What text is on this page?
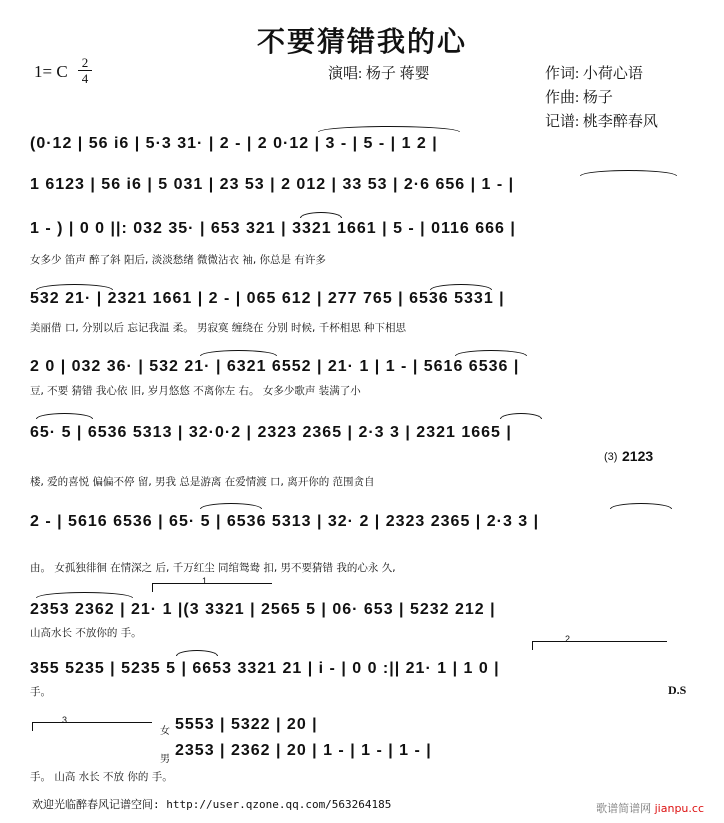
不要猜错我的心
1= C 2
4	演唱: 杨子 蒋婴	作词: 小荷心语
作曲: 杨子
记谱: 桃李醉春风
(0·12 | 56 i6 | 5·3 31· | 2 - | 2 0·12 | 3 - | 5 - | 1 2 |
1 6123 | 56 i6 | 5 031 | 23 53 | 2 012 | 33 53 | 2·6 656 | 1 - |
1 - ) | 0 0 ||: 032 35· | 653 321 | 3321 1661 | 5 - | 0116 666 |
女多少 笛声 醉了斜 阳后, 淡淡愁绪 微微沾衣 袖, 你总是 有许多
532 21· | 2321 1661 | 2 - | 065 612 | 277 765 | 6536 5331 |
美丽借 口, 分别以后 忘记我温 柔。 男寂寞 缠绕在 分别 时候, 千杯相思 种下相思
2 0 | 032 36· | 532 21· | 6321 6552 | 21· 1 | 1 - | 5616 6536 |
豆, 不要 猜错 我心依 旧, 岁月悠悠 不离你左 右。 女多少歌声 装满了小
65· 5 | 6536 5313 | 32·0·2 | 2323 2365 | 2·3 3 | 2321 1665 |
(3) 2123
楼, 爱的喜悦 偏偏不停 留, 男我 总是游离 在爱情渡 口, 离开你的 范围贪自
2 - | 5616 6536 | 65· 5 | 6536 5313 | 32· 2 | 2323 2365 | 2·3 3 |
由。 女孤独徘徊 在情深之 后, 千万红尘 同绾鸳鸯 扣, 男不要猜错 我的心永 久,
1
2353 2362 | 21· 1 |(3 3321 | 2565 5 | 06· 653 | 5232 212 |
山高水长 不放你的 手。	2
355 5235 | 5235 5 | 6653 3321 21 | i - | 0 0 :|| 21· 1 | 1 0 |
手。	D.S
3
女 5553 | 5322 | 20 |
男
2353 | 2362 | 20 | 1 - | 1 - | 1 - |
手。 山高 水长 不放 你的 手。
欢迎光临醉春风记谱空间: http://user.qzone.qq.com/563264185	歌谱简谱网 jianpu.cc
